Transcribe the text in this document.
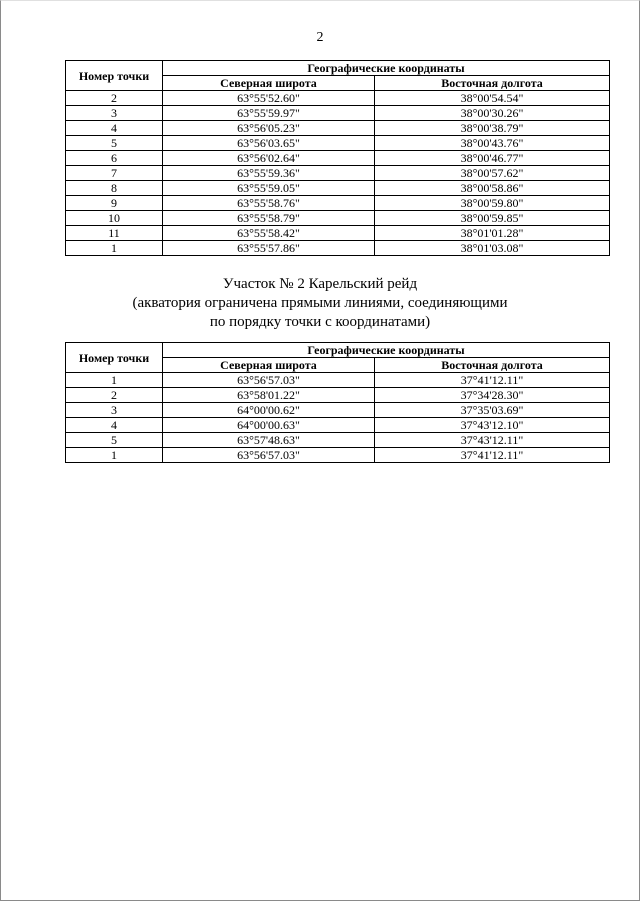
2
Номер точки	Географические координаты	
	Северная широта	Восточная долгота
2	63°55'52.60"	38°00'54.54"
3	63°55'59.97"	38°00'30.26"
4	63°56'05.23"	38°00'38.79"
5	63°56'03.65"	38°00'43.76"
6	63°56'02.64"	38°00'46.77"
7	63°55'59.36"	38°00'57.62"
8	63°55'59.05"	38°00'58.86"
9	63°55'58.76"	38°00'59.80"
10	63°55'58.79"	38°00'59.85"
11	63°55'58.42"	38°01'01.28"
1	63°55'57.86"	38°01'03.08"
Участок № 2 Карельский рейд
(акватория ограничена прямыми линиями, соединяющими
по порядку точки с координатами)
Номер точки	Географические координаты	
	Северная широта	Восточная долгота
1	63°56'57.03"	37°41'12.11"
2	63°58'01.22"	37°34'28.30"
3	64°00'00.62"	37°35'03.69"
4	64°00'00.63"	37°43'12.10"
5	63°57'48.63"	37°43'12.11"
1	63°56'57.03"	37°41'12.11"
